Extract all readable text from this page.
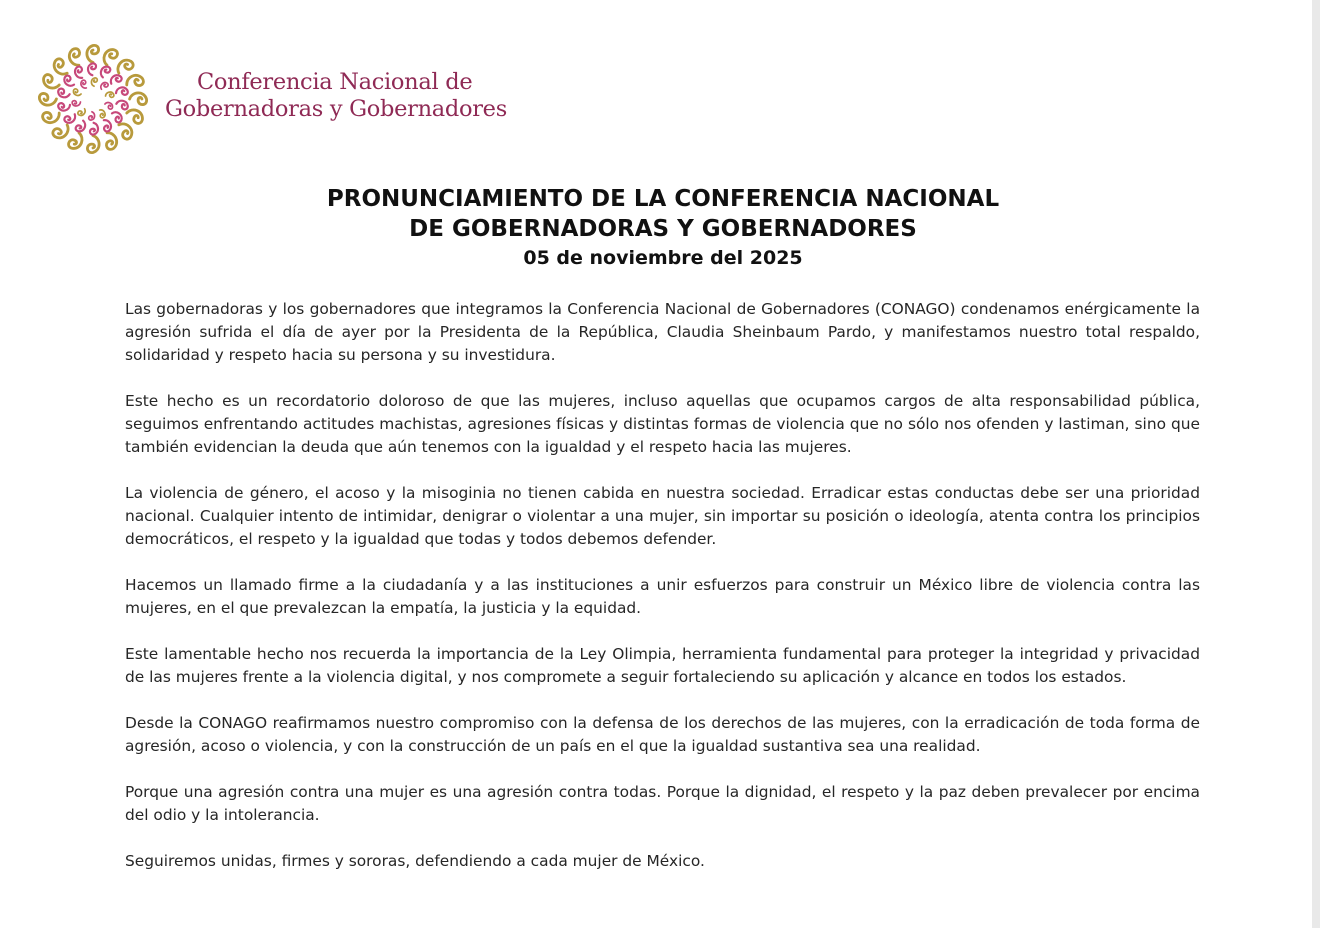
Conferencia Nacional de
Gobernadoras y Gobernadores
PRONUNCIAMIENTO DE LA CONFERENCIA NACIONAL
DE GOBERNADORAS Y GOBERNADORES
05 de noviembre del 2025

Las gobernadoras y los gobernadores que integramos la Conferencia Nacional de Gobernadores (CONAGO) condenamos enérgicamente la agresión sufrida el día de ayer por la Presidenta de la República, Claudia Sheinbaum Pardo, y manifestamos nuestro total respaldo, solidaridad y respeto hacia su persona y su investidura.

Este hecho es un recordatorio doloroso de que las mujeres, incluso aquellas que ocupamos cargos de alta responsabilidad pública, seguimos enfrentando actitudes machistas, agresiones físicas y distintas formas de violencia que no sólo nos ofenden y lastiman, sino que también evidencian la deuda que aún tenemos con la igualdad y el respeto hacia las mujeres.

La violencia de género, el acoso y la misoginia no tienen cabida en nuestra sociedad. Erradicar estas conductas debe ser una prioridad nacional. Cualquier intento de intimidar, denigrar o violentar a una mujer, sin importar su posición o ideología, atenta contra los principios democráticos, el respeto y la igualdad que todas y todos debemos defender.

Hacemos un llamado firme a la ciudadanía y a las instituciones a unir esfuerzos para construir un México libre de violencia contra las mujeres, en el que prevalezcan la empatía, la justicia y la equidad.

Este lamentable hecho nos recuerda la importancia de la Ley Olimpia, herramienta fundamental para proteger la integridad y privacidad de las mujeres frente a la violencia digital, y nos compromete a seguir fortaleciendo su aplicación y alcance en todos los estados.

Desde la CONAGO reafirmamos nuestro compromiso con la defensa de los derechos de las mujeres, con la erradicación de toda forma de agresión, acoso o violencia, y con la construcción de un país en el que la igualdad sustantiva sea una realidad.

Porque una agresión contra una mujer es una agresión contra todas. Porque la dignidad, el respeto y la paz deben prevalecer por encima del odio y la intolerancia.

Seguiremos unidas, firmes y sororas, defendiendo a cada mujer de México.
